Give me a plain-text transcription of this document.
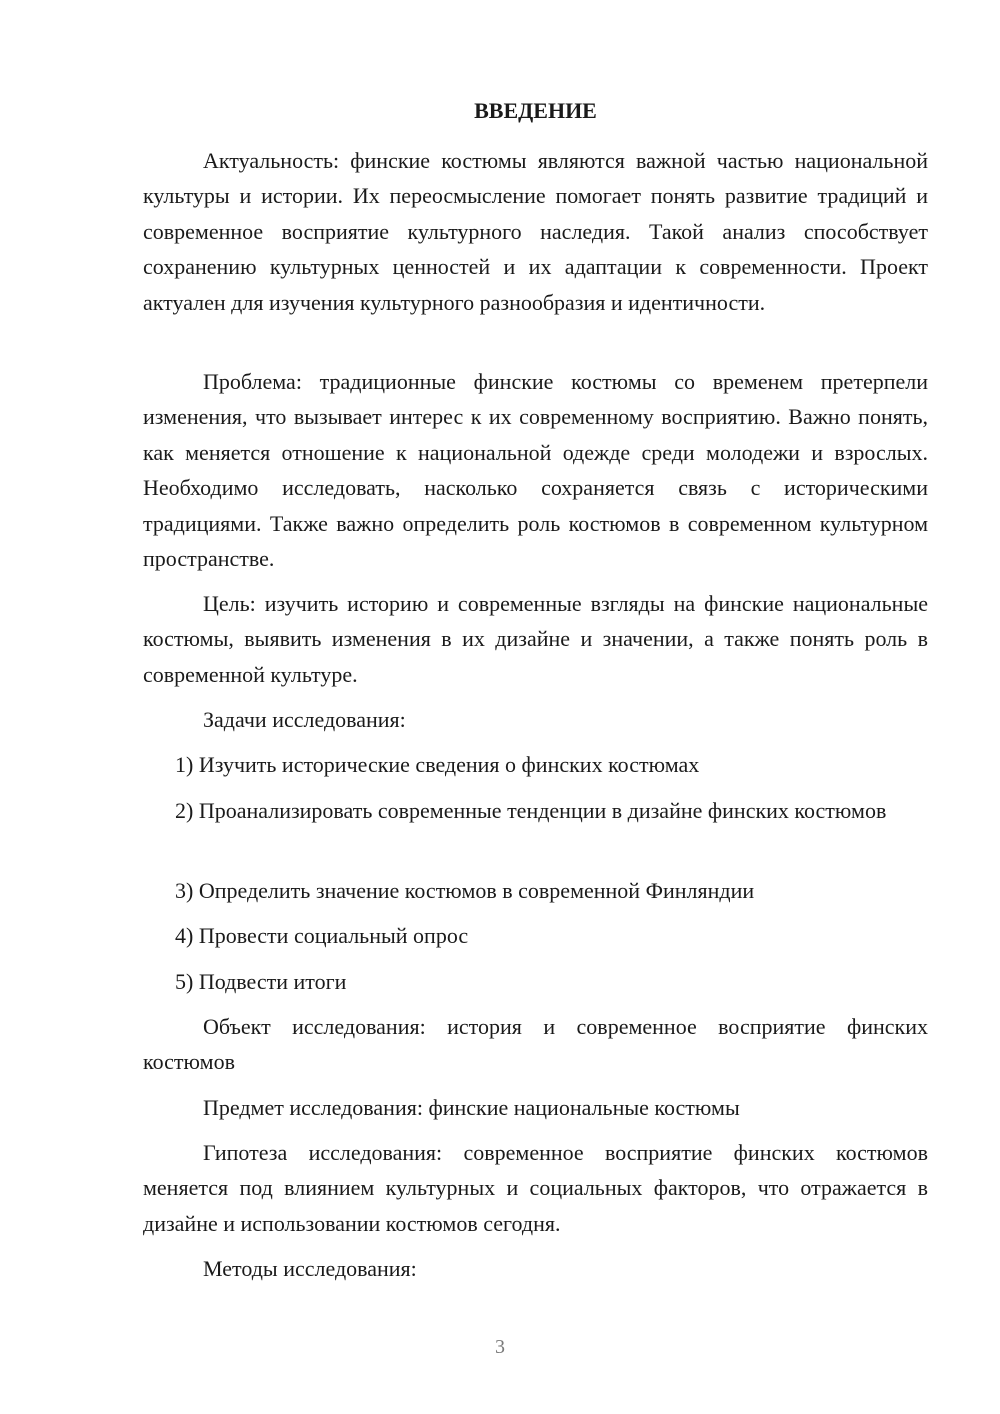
ВВЕДЕНИЕ

Актуальность: финские костюмы являются важной частью национальной культуры и истории. Их переосмысление помогает понять развитие традиций и современное восприятие культурного наследия. Такой анализ способствует сохранению культурных ценностей и их адаптации к современности. Проект актуален для изучения культурного разнообразия и идентичности.

Проблема: традиционные финские костюмы со временем претерпели изменения, что вызывает интерес к их современному восприятию. Важно понять, как меняется отношение к национальной одежде среди молодежи и взрослых. Необходимо исследовать, насколько сохраняется связь с историческими традициями. Также важно определить роль костюмов в современном культурном пространстве.

Цель: изучить историю и современные взгляды на финские национальные костюмы, выявить изменения в их дизайне и значении, а также понять роль в современной культуре.

Задачи исследования:

1) Изучить исторические сведения о финских костюмах

2) Проанализировать современные тенденции в дизайне финских костюмов

3) Определить значение костюмов в современной Финляндии

4) Провести социальный опрос

5) Подвести итоги

Объект исследования: история и современное восприятие финских костюмов

Предмет исследования: финские национальные костюмы

Гипотеза исследования: современное восприятие финских костюмов меняется под влиянием культурных и социальных факторов, что отражается в дизайне и использовании костюмов сегодня.

Методы исследования:

3
